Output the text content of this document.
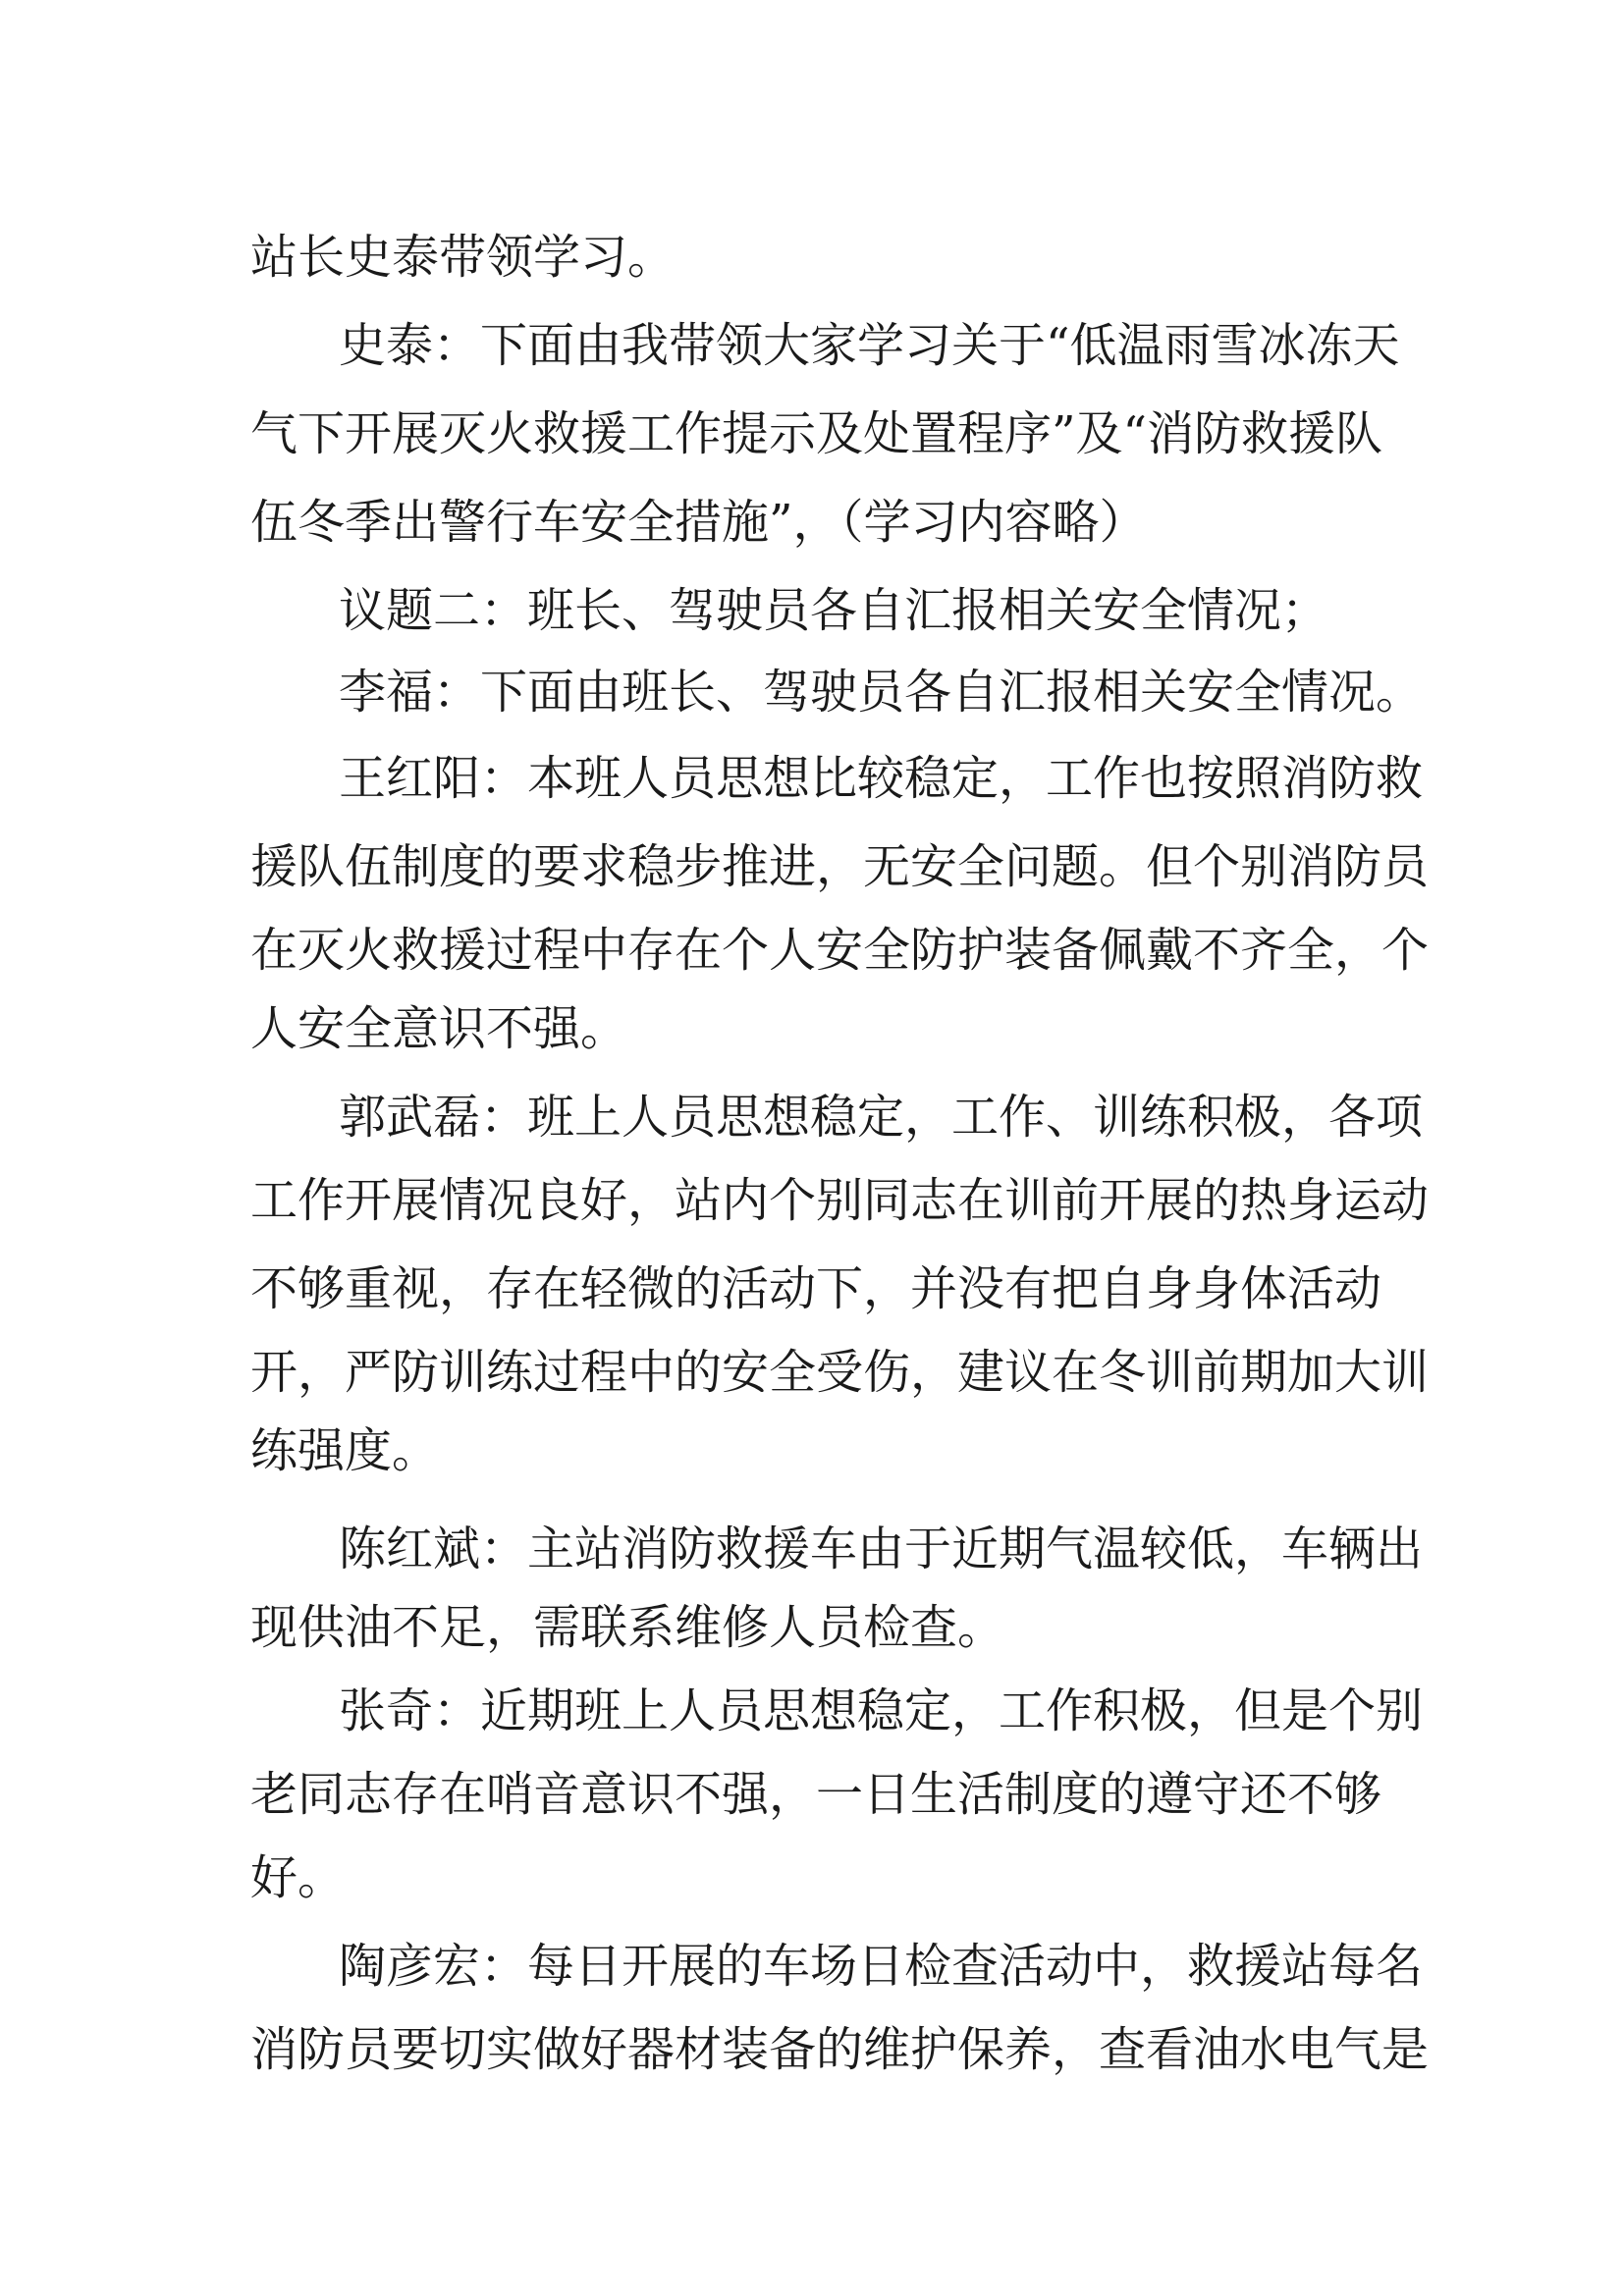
站长史泰带领学习。
史泰：下面由我带领大家学习关于“低温雨雪冰冻天
气下开展灭火救援工作提示及处置程序”及“消防救援队
伍冬季出警行车安全措施”，（学习内容略）
议题二：班长、驾驶员各自汇报相关安全情况；
李福：下面由班长、驾驶员各自汇报相关安全情况。
王红阳：本班人员思想比较稳定，工作也按照消防救
援队伍制度的要求稳步推进，无安全问题。但个别消防员
在灭火救援过程中存在个人安全防护装备佩戴不齐全，个
人安全意识不强。
郭武磊：班上人员思想稳定，工作、训练积极，各项
工作开展情况良好，站内个别同志在训前开展的热身运动
不够重视，存在轻微的活动下，并没有把自身身体活动
开，严防训练过程中的安全受伤，建议在冬训前期加大训
练强度。
陈红斌：主站消防救援车由于近期气温较低，车辆出
现供油不足，需联系维修人员检查。
张奇：近期班上人员思想稳定，工作积极，但是个别
老同志存在哨音意识不强，一日生活制度的遵守还不够
好。
陶彦宏：每日开展的车场日检查活动中，救援站每名
消防员要切实做好器材装备的维护保养，查看油水电气是
